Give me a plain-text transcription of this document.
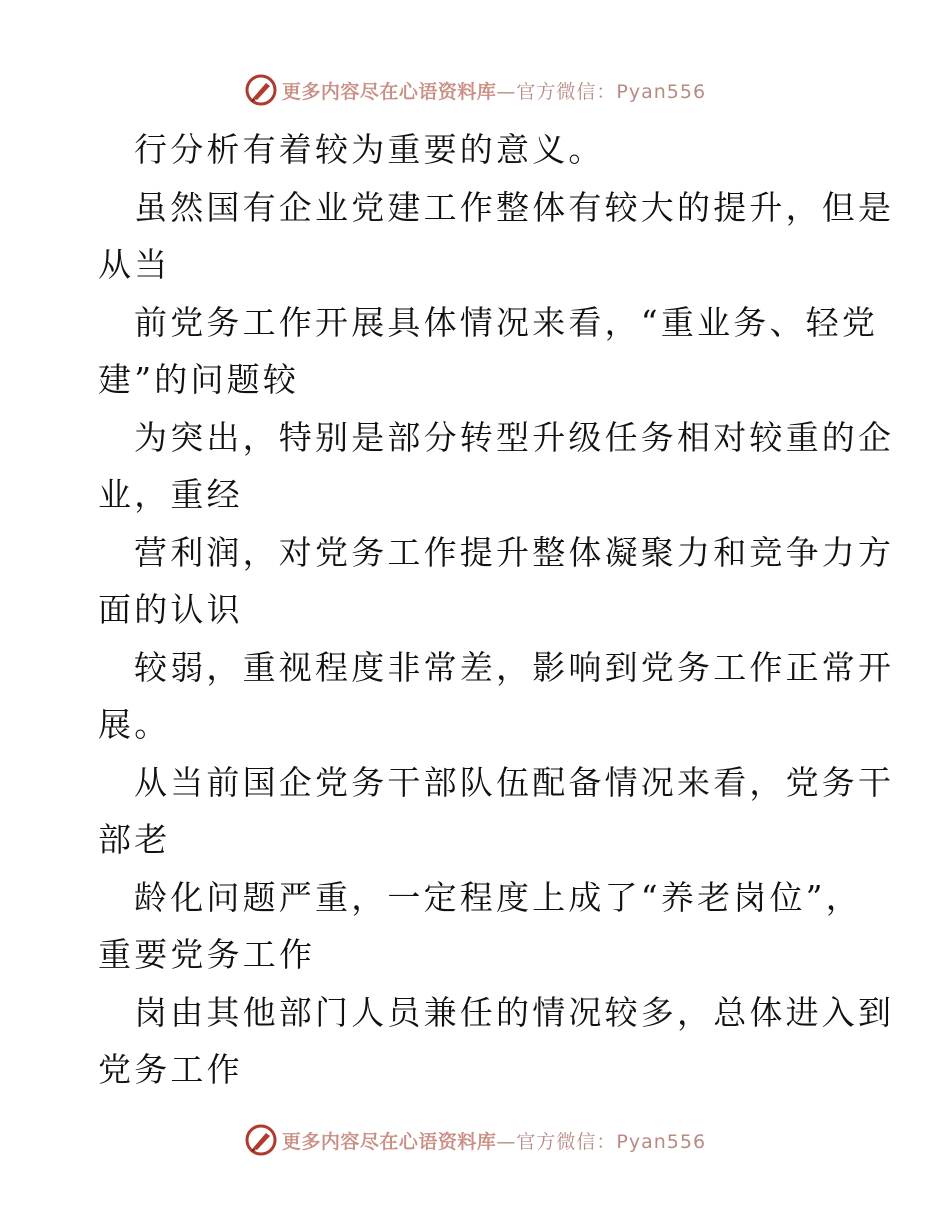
更多内容尽在心语资料库 —官方微信：Pyan556
行分析有着较为重要的意义。
虽然国有企业党建工作整体有较大的提升，但是
从当
前党务工作开展具体情况来看，“重业务、轻党
建”的问题较
为突出，特别是部分转型升级任务相对较重的企
业，重经
营利润，对党务工作提升整体凝聚力和竞争力方
面的认识
较弱，重视程度非常差，影响到党务工作正常开
展。
从当前国企党务干部队伍配备情况来看，党务干
部老
龄化问题严重，一定程度上成了“养老岗位”，
重要党务工作
岗由其他部门人员兼任的情况较多，总体进入到
党务工作
更多内容尽在心语资料库 —官方微信：Pyan556
